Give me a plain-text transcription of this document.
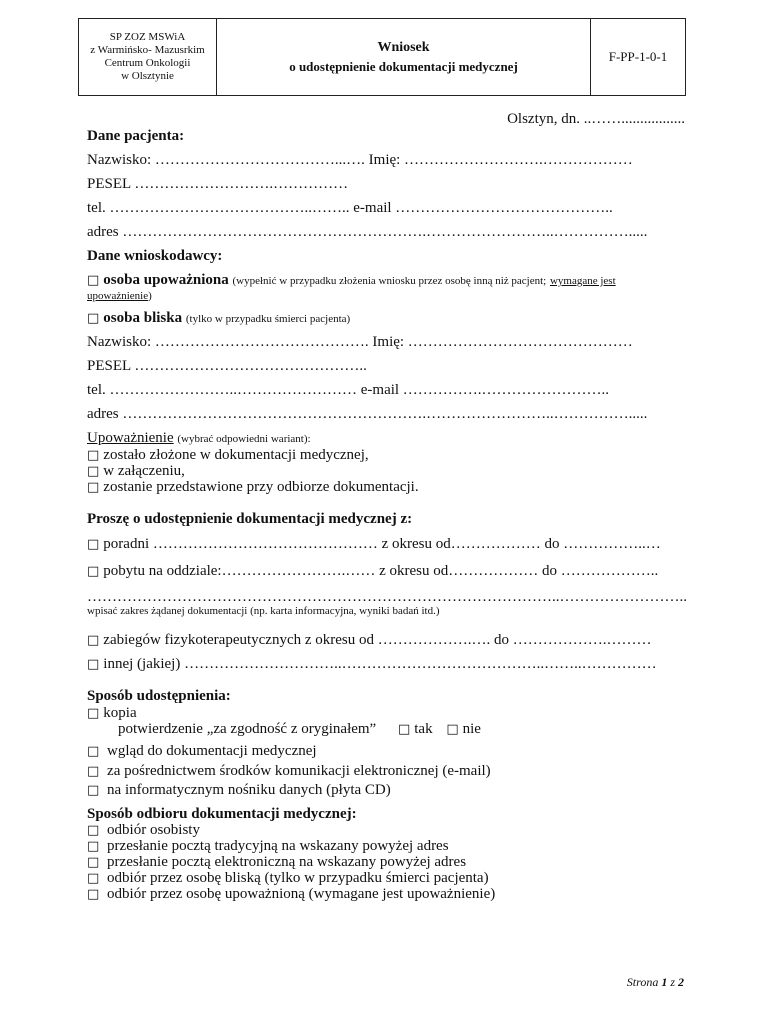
SP ZOZ MSWiA
z Warmińsko- Mazusrkim
Centrum Onkologii
w Olsztynie
Wniosek
o udostępnienie dokumentacji medycznej
F-PP-1-0-1
Olsztyn, dn. ..…….................
Dane pacjenta:
Nazwisko: ………………………………...…. Imię: ……………………….………………
PESEL ……………………….……………
tel. …………………………………..…….. e-mail ……………………………………..
adres …………………………………………………….……………………..…………….....
Dane wnioskodawcy:
□ osoba upoważniona (wypełnić w przypadku złożenia wniosku przez osobę inną niż pacjent; wymagane jest
upoważnienie)
□ osoba bliska (tylko w przypadku śmierci pacjenta)
Nazwisko: ……………………………………. Imię: ………………………………………
PESEL ………………………………………..
tel. ……………………..…………………… e-mail …………….……………………..
adres …………………………………………………….……………………..…………….....
Upoważnienie (wybrać odpowiedni wariant):
□ zostało złożone w dokumentacji medycznej,
□ w załączeniu,
□ zostanie przedstawione przy odbiorze dokumentacji.
Proszę o udostępnienie dokumentacji medycznej z:
□ poradni ……………………………………… z okresu od……………… do ……………..…
□ pobytu na oddziale:…………………….…… z okresu od……………… do ………………..
…………………………………………………………………………………..……………………..
wpisać zakres żądanej dokumentacji (np. karta informacyjna, wyniki badań itd.)
□ zabiegów fizykoterapeutycznych z okresu od ……………….…. do ……………….………
□ innej (jakiej) …………………………..…………………………………..……..……………
Sposób udostępnienia:
□ kopia
potwierdzenie „za zgodność z oryginałem” □ tak □ nie
□ wgląd do dokumentacji medycznej
□ za pośrednictwem środków komunikacji elektronicznej (e-mail)
□ na informatycznym nośniku danych (płyta CD)
Sposób odbioru dokumentacji medycznej:
□ odbiór osobisty
□ przesłanie pocztą tradycyjną na wskazany powyżej adres
□ przesłanie pocztą elektroniczną na wskazany powyżej adres
□ odbiór przez osobę bliską (tylko w przypadku śmierci pacjenta)
□ odbiór przez osobę upoważnioną (wymagane jest upoważnienie)
Strona 1 z 2
